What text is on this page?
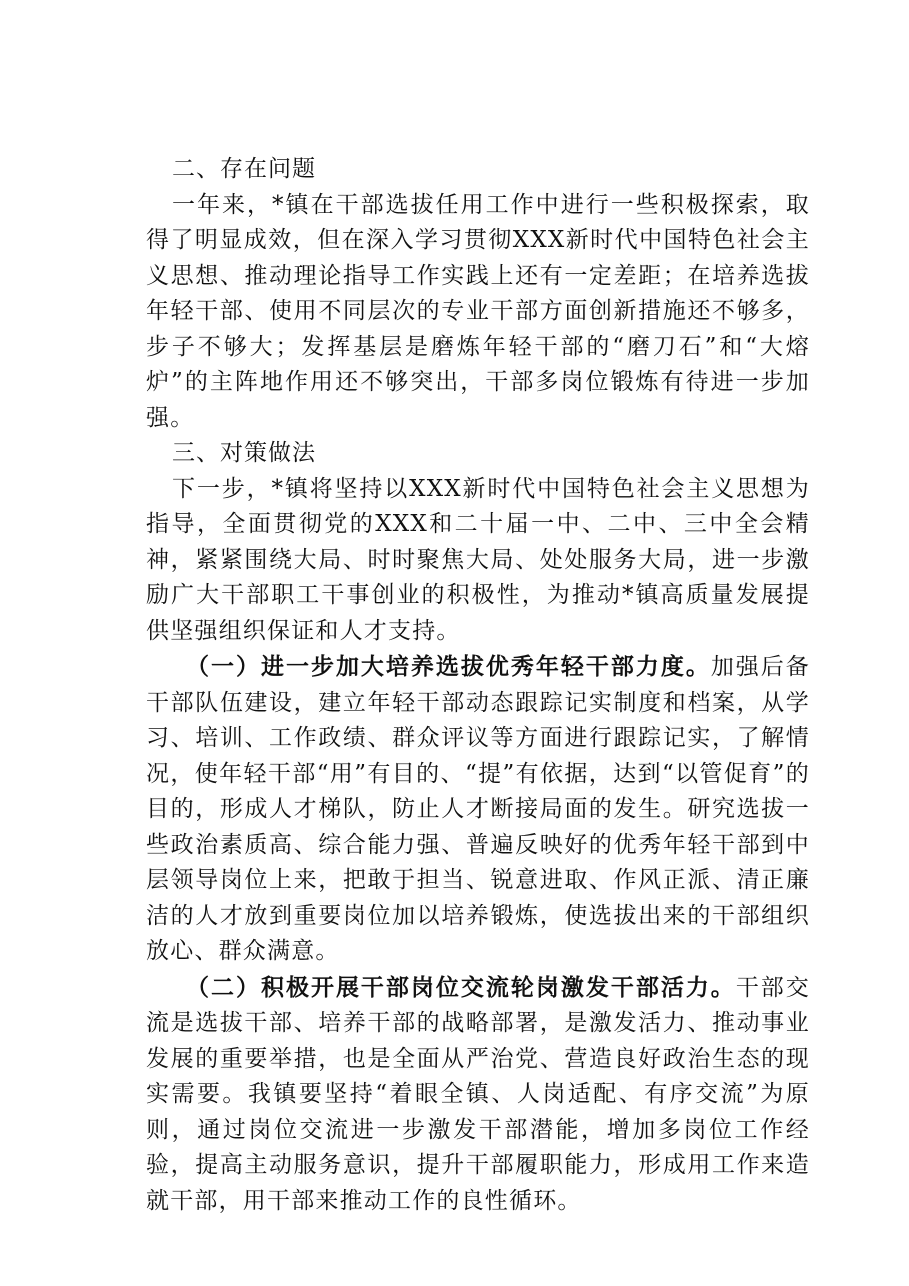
二、存在问题

一年来，*镇在干部选拔任用工作中进行一些积极探索，取得了明显成效，但在深入学习贯彻XXX新时代中国特色社会主义思想、推动理论指导工作实践上还有一定差距；在培养选拔年轻干部、使用不同层次的专业干部方面创新措施还不够多，步子不够大；发挥基层是磨炼年轻干部的“磨刀石”和“大熔炉”的主阵地作用还不够突出，干部多岗位锻炼有待进一步加强。

三、对策做法

下一步，*镇将坚持以XXX新时代中国特色社会主义思想为指导，全面贯彻党的XXX和二十届一中、二中、三中全会精神，紧紧围绕大局、时时聚焦大局、处处服务大局，进一步激励广大干部职工干事创业的积极性，为推动*镇高质量发展提供坚强组织保证和人才支持。

（一）进一步加大培养选拔优秀年轻干部力度。加强后备干部队伍建设，建立年轻干部动态跟踪记实制度和档案，从学习、培训、工作政绩、群众评议等方面进行跟踪记实，了解情况，使年轻干部“用”有目的、“提”有依据，达到“以管促育”的目的，形成人才梯队，防止人才断接局面的发生。研究选拔一些政治素质高、综合能力强、普遍反映好的优秀年轻干部到中层领导岗位上来，把敢于担当、锐意进取、作风正派、清正廉洁的人才放到重要岗位加以培养锻炼，使选拔出来的干部组织放心、群众满意。

（二）积极开展干部岗位交流轮岗激发干部活力。干部交流是选拔干部、培养干部的战略部署，是激发活力、推动事业发展的重要举措，也是全面从严治党、营造良好政治生态的现实需要。我镇要坚持“着眼全镇、人岗适配、有序交流”为原则，通过岗位交流进一步激发干部潜能，增加多岗位工作经验，提高主动服务意识，提升干部履职能力，形成用工作来造就干部，用干部来推动工作的良性循环。
